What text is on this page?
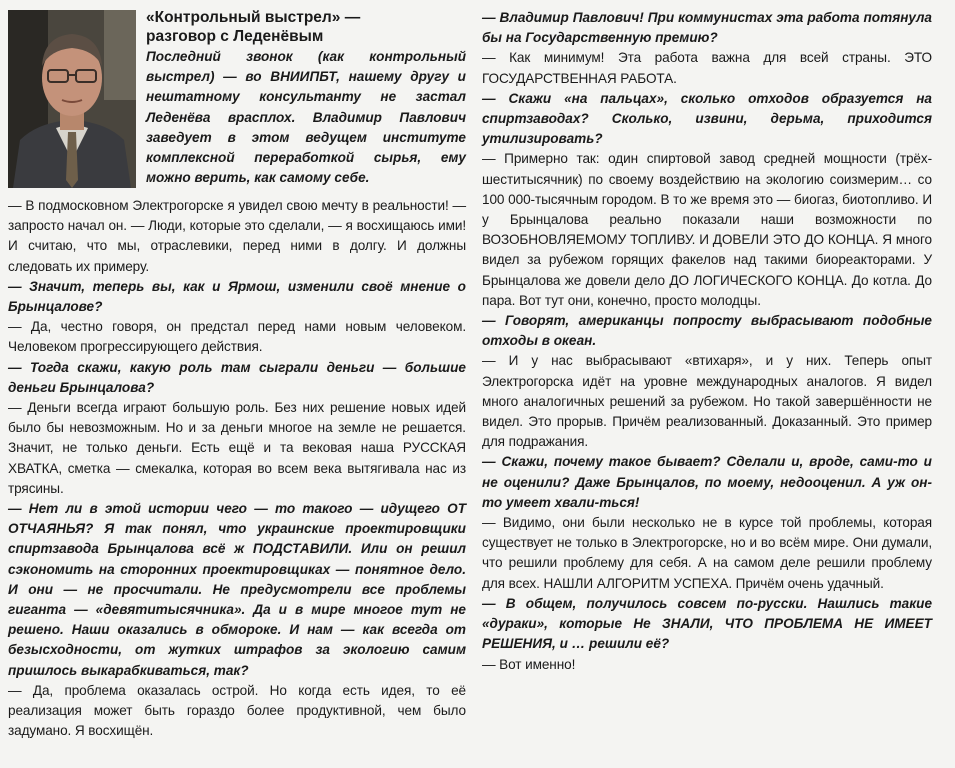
«Контрольный выстрел» —

разговор с Леденёвым

Последний звонок (как контрольный выстрел) — во ВНИИПБТ, нашему другу и нештатному консультанту не застал Леденёва врасплох. Владимир Павлович заведует в этом ведущем институте комплексной переработкой сырья, ему можно верить, как самому себе.

— В подмосковном Электрогорске я увидел свою мечту в реальности! — запросто начал он. — Люди, которые это сделали, — я восхищаюсь ими! И считаю, что мы, отраслевики, перед ними в долгу. И должны следовать их примеру.

— Значит, теперь вы, как и Ярмош, изменили своё мнение о Брынцалове?

— Да, честно говоря, он предстал перед нами новым человеком. Человеком прогрессирующего действия.

— Тогда скажи, какую роль там сыграли деньги — большие деньги Брынцалова?

— Деньги всегда играют большую роль. Без них решение новых идей было бы невозможным. Но и за деньги многое на земле не решается. Значит, не только деньги. Есть ещё и та вековая наша РУССКАЯ ХВАТКА, сметка — смекалка, которая во всем века вытягивала нас из трясины.

— Нет ли в этой истории чего — то такого — идущего ОТ ОТЧАЯНЬЯ? Я так понял, что украинские проектировщики спиртзавода Брынцалова всё ж ПОДСТАВИЛИ. Или он решил сэкономить на сторонних проектировщиках — понятное дело. И они — не просчитали. Не предусмотрели все проблемы гиганта — «девятитысячника». Да и в мире многое тут не решено. Наши оказались в обмороке. И нам — как всегда от безысходности, от жутких штрафов за экологию самим пришлось выкарабкиваться, так?

— Да, проблема оказалась острой. Но когда есть идея, то её реализация может быть гораздо более продуктивной, чем было задумано. Я восхищён.

— Владимир Павлович! При коммунистах эта работа потянула бы на Государственную премию?

— Как минимум! Эта работа важна для всей страны. ЭТО ГОСУДАРСТВЕННАЯ РАБОТА.

— Скажи «на пальцах», сколько отходов образуется на спиртзаводах? Сколько, извини, дерьма, приходится утилизировать?

— Примерно так: один спиртовой завод средней мощности (трёх-шеститысячник) по своему воздействию на экологию соизмерим… со 100 000-тысячным городом. В то же время это — биогаз, биотопливо. И у Брынцалова реально показали наши возможности по ВОЗОБНОВЛЯЕМОМУ ТОПЛИВУ. И ДОВЕЛИ ЭТО ДО КОНЦА. Я много видел за рубежом горящих факелов над такими биореакторами. У Брынцалова же довели дело ДО ЛОГИЧЕСКОГО КОНЦА. До котла. До пара. Вот тут они, конечно, просто молодцы.

— Говорят, американцы попросту выбрасывают подобные отходы в океан.

— И у нас выбрасывают «втихаря», и у них. Теперь опыт Электрогорска идёт на уровне международных аналогов. Я видел много аналогичных решений за рубежом. Но такой завершённости не видел. Это прорыв. Причём реализованный. Доказанный. Это пример для подражания.

— Скажи, почему такое бывает? Сделали и, вроде, сами-то и не оценили? Даже Брынцалов, по моему, недооценил. А уж он-то умеет хвали-ться!

— Видимо, они были несколько не в курсе той проблемы, которая существует не только в Электрогорске, но и во всём мире. Они думали, что решили проблему для себя. А на самом деле решили проблему для всех. НАШЛИ АЛГОРИТМ УСПЕХА. Причём очень удачный.

— В общем, получилось совсем по-русски. Нашлись такие «дураки», которые Не ЗНАЛИ, ЧТО ПРОБЛЕМА НЕ ИМЕЕТ РЕШЕНИЯ, и … решили её?

— Вот именно!
